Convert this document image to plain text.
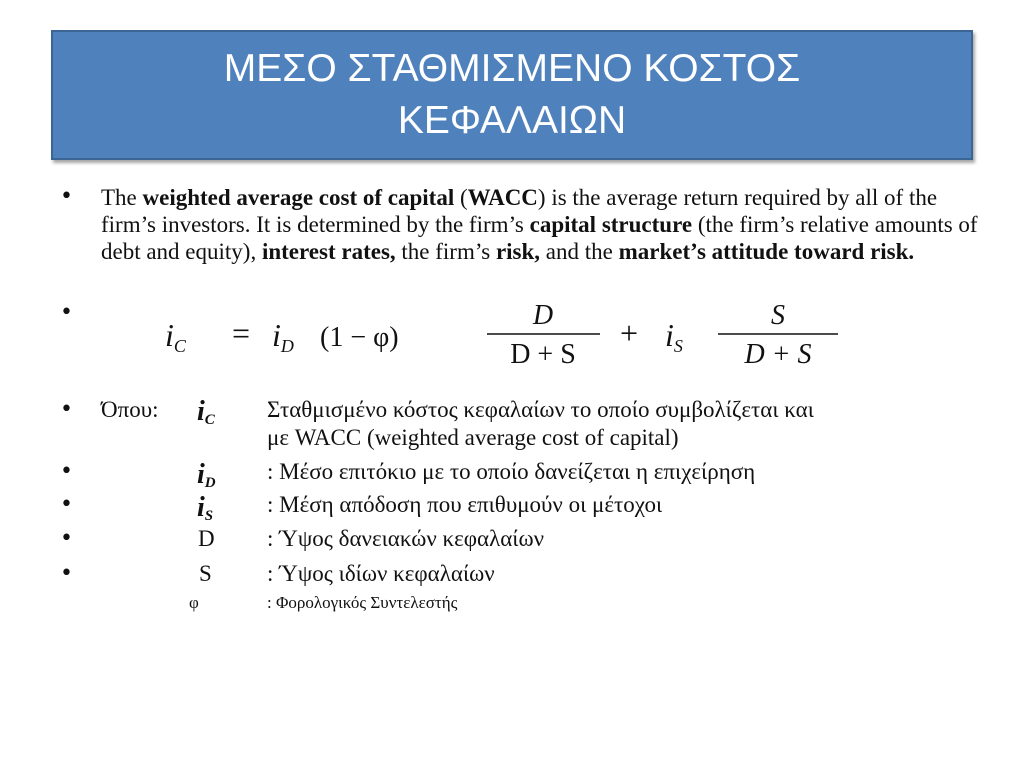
ΜΕΣΟ ΣΤΑΘΜΙΣΜΕΝΟ ΚΟΣΤΟΣ
ΚΕΦΑΛΑΙΩΝ
• The weighted average cost of capital (WACC) is the average return required by all of the firm’s investors. It is determined by the firm’s capital structure (the firm’s relative amounts of debt and equity), interest rates, the firm’s risk, and the market’s attitude toward risk.
•
iC = iD (1 − φ)
D
D + S
+ iS
S
D + S
• Όπου: iC Σταθμισμένο κόστος κεφαλαίων το οποίο συμβολίζεται και
με WACC (weighted average cost of capital)
•	iD : Μέσο επιτόκιο με το οποίο δανείζεται η επιχείρηση
•	iS : Μέση απόδοση που επιθυμούν οι μέτοχοι
•	D : Ύψος δανειακών κεφαλαίων
•	S : Ύψος ιδίων κεφαλαίων
φ	: Φορολογικός Συντελεστής
